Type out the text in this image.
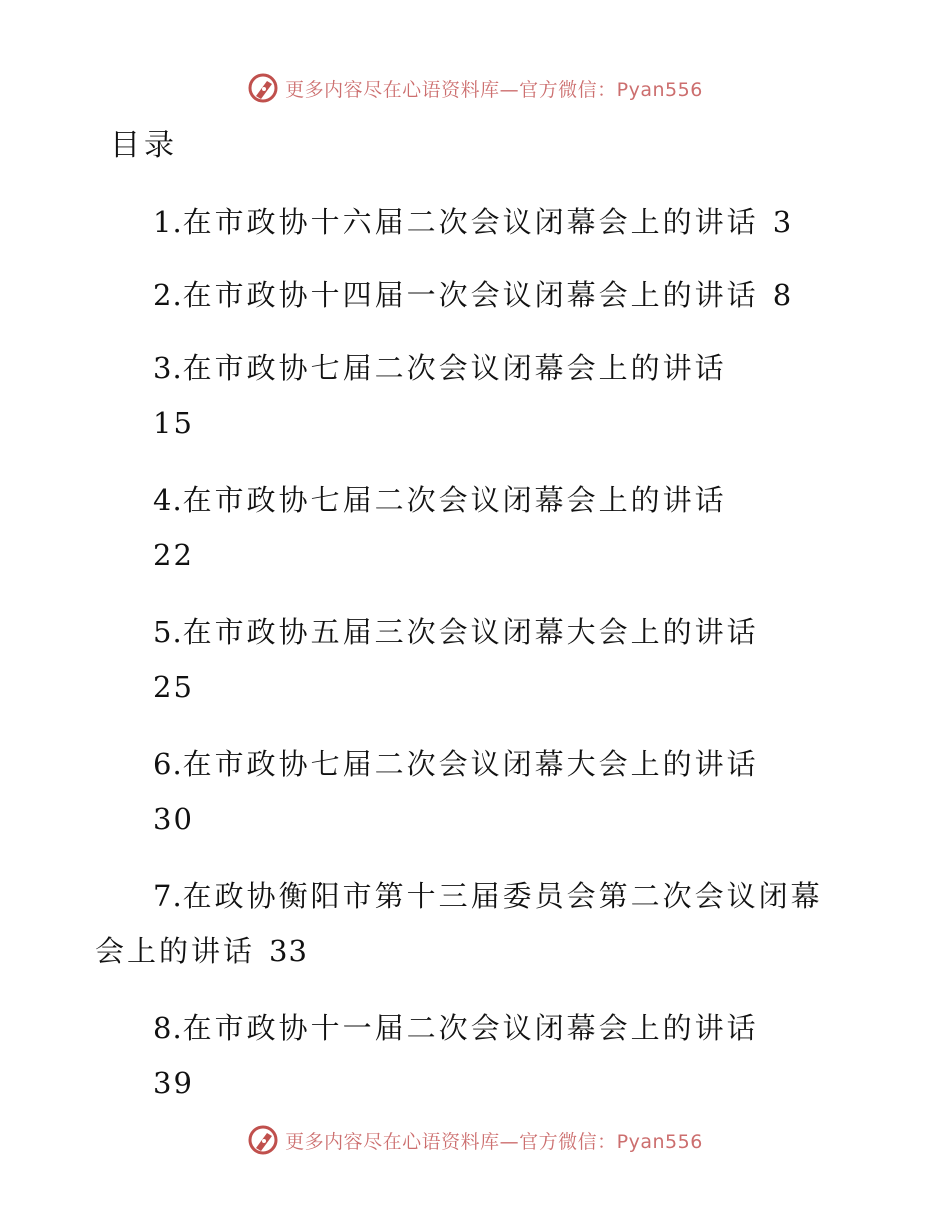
更多内容尽在心语资料库—官方微信：Pyan556
目录

1.在市政协十六届二次会议闭幕会上的讲话 3

2.在市政协十四届一次会议闭幕会上的讲话 8

3.在市政协七届二次会议闭幕会上的讲话
15

4.在市政协七届二次会议闭幕会上的讲话
22

5.在市政协五届三次会议闭幕大会上的讲话
25

6.在市政协七届二次会议闭幕大会上的讲话
30

7.在政协衡阳市第十三届委员会第二次会议闭幕会上的讲话 33

8.在市政协十一届二次会议闭幕会上的讲话
39

更多内容尽在心语资料库—官方微信：Pyan556
